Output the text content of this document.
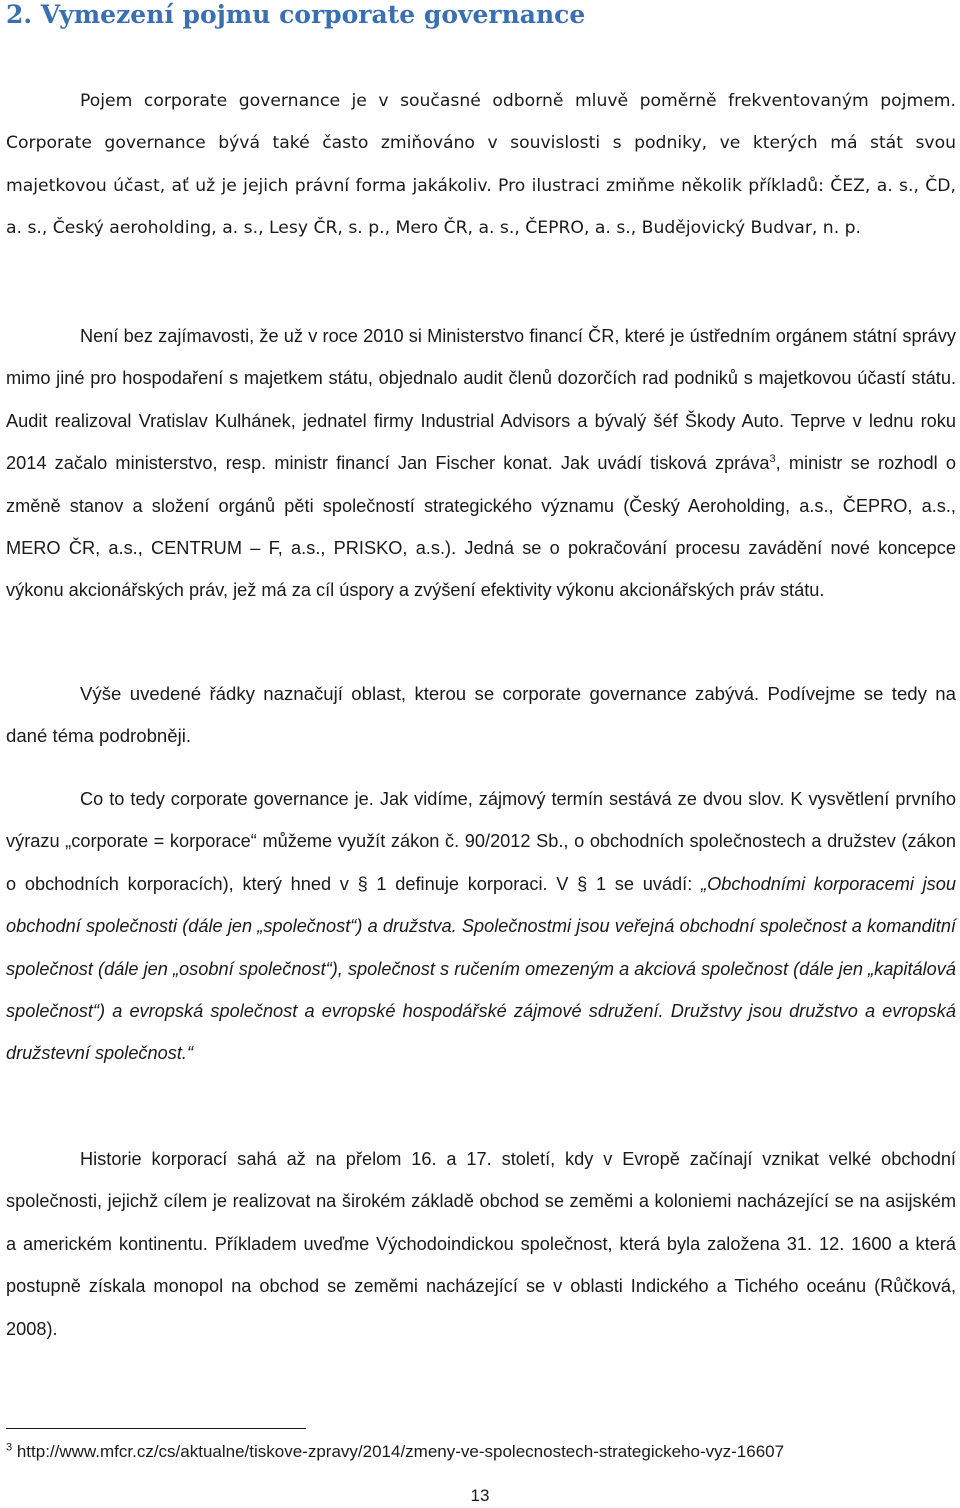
2. Vymezení pojmu corporate governance

Pojem corporate governance je v současné odborně mluvě poměrně frekventovaným pojmem. Corporate governance bývá také často zmiňováno v souvislosti s podniky, ve kterých má stát svou majetkovou účast, ať už je jejich právní forma jakákoliv. Pro ilustraci zmiňme několik příkladů: ČEZ, a. s., ČD, a. s., Český aeroholding, a. s., Lesy ČR, s. p., Mero ČR, a. s., ČEPRO, a. s., Budějovický Budvar, n. p.

Není bez zajímavosti, že už v roce 2010 si Ministerstvo financí ČR, které je ústředním orgánem státní správy mimo jiné pro hospodaření s majetkem státu, objednalo audit členů dozorčích rad podniků s majetkovou účastí státu. Audit realizoval Vratislav Kulhánek, jednatel firmy Industrial Advisors a bývalý šéf Škody Auto. Teprve v lednu roku 2014 začalo ministerstvo, resp. ministr financí Jan Fischer konat. Jak uvádí tisková zpráva$^3$, ministr se rozhodl o změně stanov a složení orgánů pěti společností strategického významu (Český Aeroholding, a.s., ČEPRO, a.s., MERO ČR, a.s., CENTRUM – F, a.s., PRISKO, a.s.). Jedná se o pokračování procesu zavádění nové koncepce výkonu akcionářských práv, jež má za cíl úspory a zvýšení efektivity výkonu akcionářských práv státu.

Výše uvedené řádky naznačují oblast, kterou se corporate governance zabývá. Podívejme se tedy na dané téma podrobněji.

Co to tedy corporate governance je. Jak vidíme, zájmový termín sestává ze dvou slov. K vysvětlení prvního výrazu „corporate = korporace“ můžeme využít zákon č. 90/2012 Sb., o obchodních společnostech a družstev (zákon o obchodních korporacích), který hned v § 1 definuje korporaci. V § 1 se uvádí: „Obchodními korporacemi jsou obchodní společnosti (dále jen „společnost“) a družstva. Společnostmi jsou veřejná obchodní společnost a komanditní společnost (dále jen „osobní společnost“), společnost s ručením omezeným a akciová společnost (dále jen „kapitálová společnost“) a evropská společnost a evropské hospodářské zájmové sdružení. Družstvy jsou družstvo a evropská družstevní společnost.“

Historie korporací sahá až na přelom 16. a 17. století, kdy v Evropě začínají vznikat velké obchodní společnosti, jejichž cílem je realizovat na širokém základě obchod se zeměmi a koloniemi nacházející se na asijském a americkém kontinentu. Příkladem uveďme Východoindickou společnost, která byla založena 31. 12. 1600 a která postupně získala monopol na obchod se zeměmi nacházející se v oblasti Indického a Tichého oceánu (Růčková, 2008).

$^3$ http://www.mfcr.cz/cs/aktualne/tiskove-zpravy/2014/zmeny-ve-spolecnostech-strategickeho-vyz-16607

13
